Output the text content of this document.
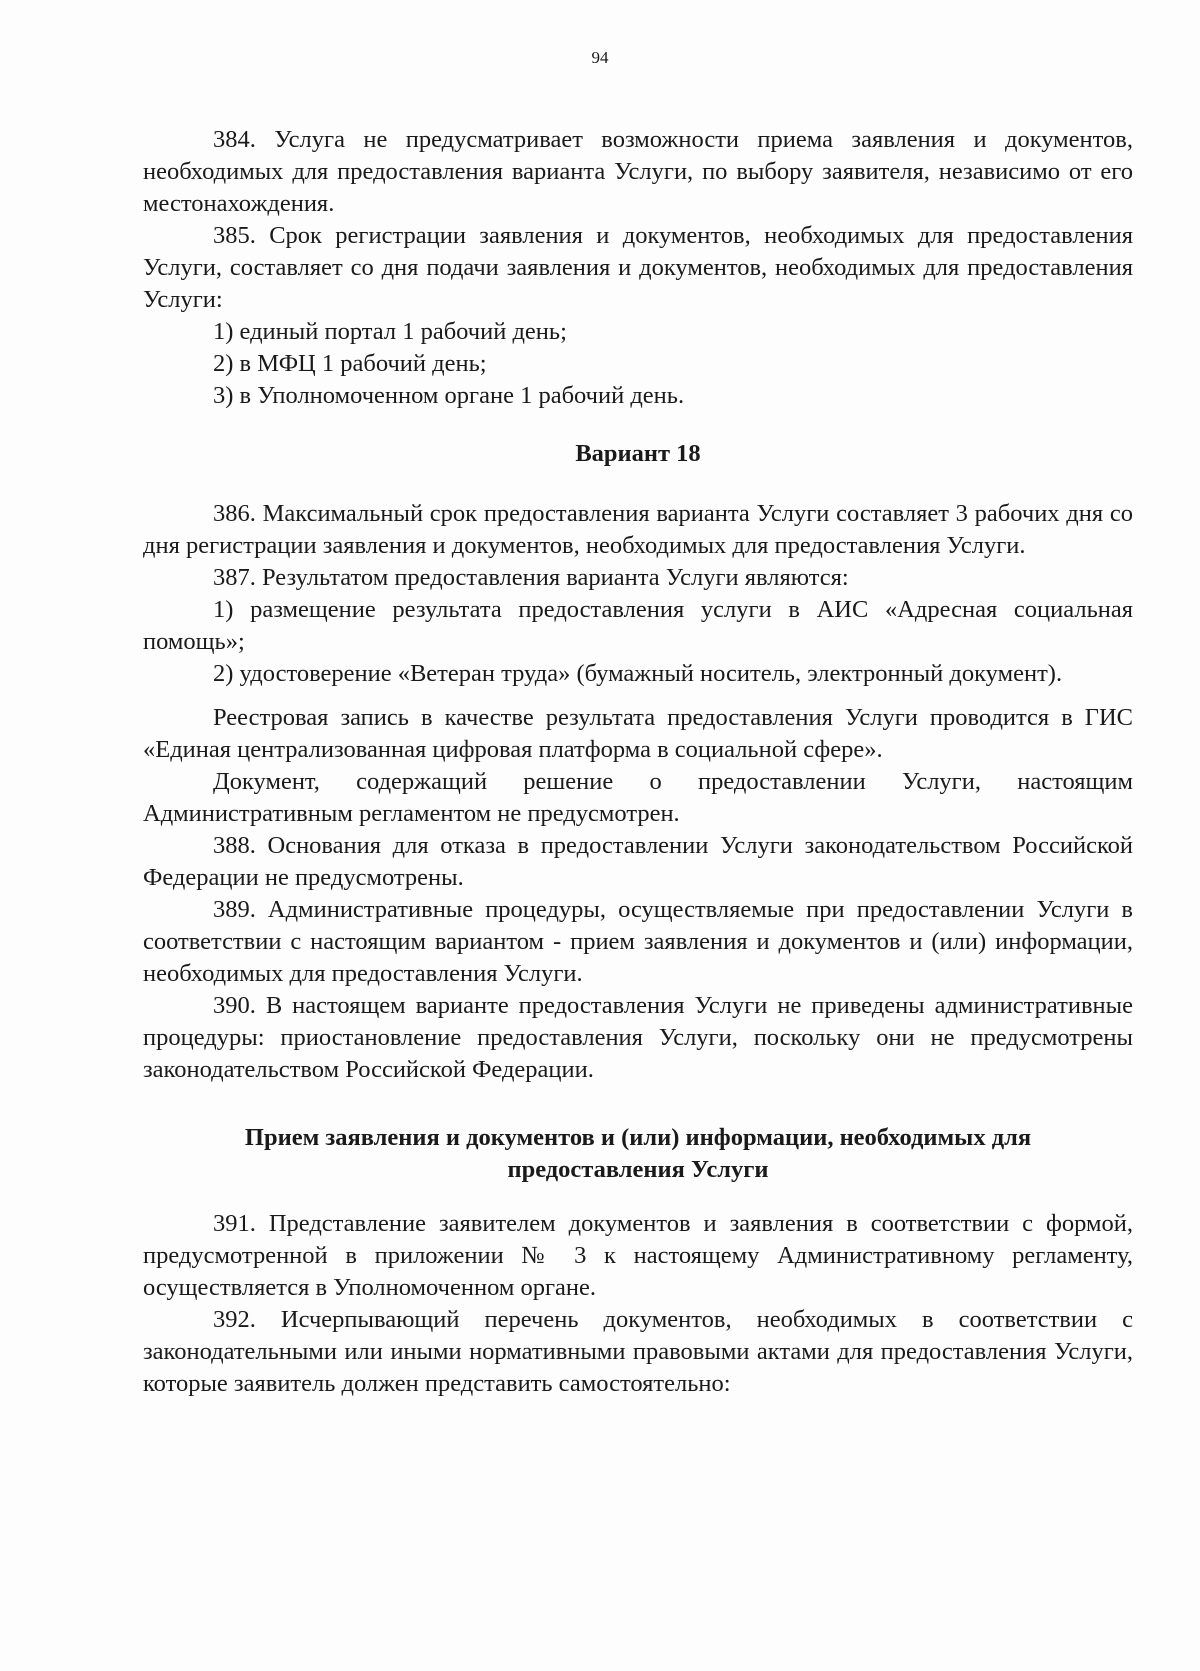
94

384. Услуга не предусматривает возможности приема заявления и документов, необходимых для предоставления варианта Услуги, по выбору заявителя, независимо от его местонахождения.

385. Срок регистрации заявления и документов, необходимых для предоставления Услуги, составляет со дня подачи заявления и документов, необходимых для предоставления Услуги:

1) единый портал 1 рабочий день;

2) в МФЦ 1 рабочий день;

3) в Уполномоченном органе 1 рабочий день.

Вариант 18

386. Максимальный срок предоставления варианта Услуги составляет 3 рабочих дня со дня регистрации заявления и документов, необходимых для предоставления Услуги.

387. Результатом предоставления варианта Услуги являются:

1) размещение результата предоставления услуги в АИС «Адресная социальная помощь»;

2) удостоверение «Ветеран труда» (бумажный носитель, электронный документ).

Реестровая запись в качестве результата предоставления Услуги проводится в ГИС «Единая централизованная цифровая платформа в социальной сфере».

Документ, содержащий решение о предоставлении Услуги, настоящим Административным регламентом не предусмотрен.

388. Основания для отказа в предоставлении Услуги законодательством Российской Федерации не предусмотрены.

389. Административные процедуры, осуществляемые при предоставлении Услуги в соответствии с настоящим вариантом - прием заявления и документов и (или) информации, необходимых для предоставления Услуги.

390. В настоящем варианте предоставления Услуги не приведены административные процедуры: приостановление предоставления Услуги, поскольку они не предусмотрены законодательством Российской Федерации.

Прием заявления и документов и (или) информации, необходимых для
предоставления Услуги

391. Представление заявителем документов и заявления в соответствии с формой, предусмотренной в приложении № 3 к настоящему Административному регламенту, осуществляется в Уполномоченном органе.

392. Исчерпывающий перечень документов, необходимых в соответствии с законодательными или иными нормативными правовыми актами для предоставления Услуги, которые заявитель должен представить самостоятельно:
